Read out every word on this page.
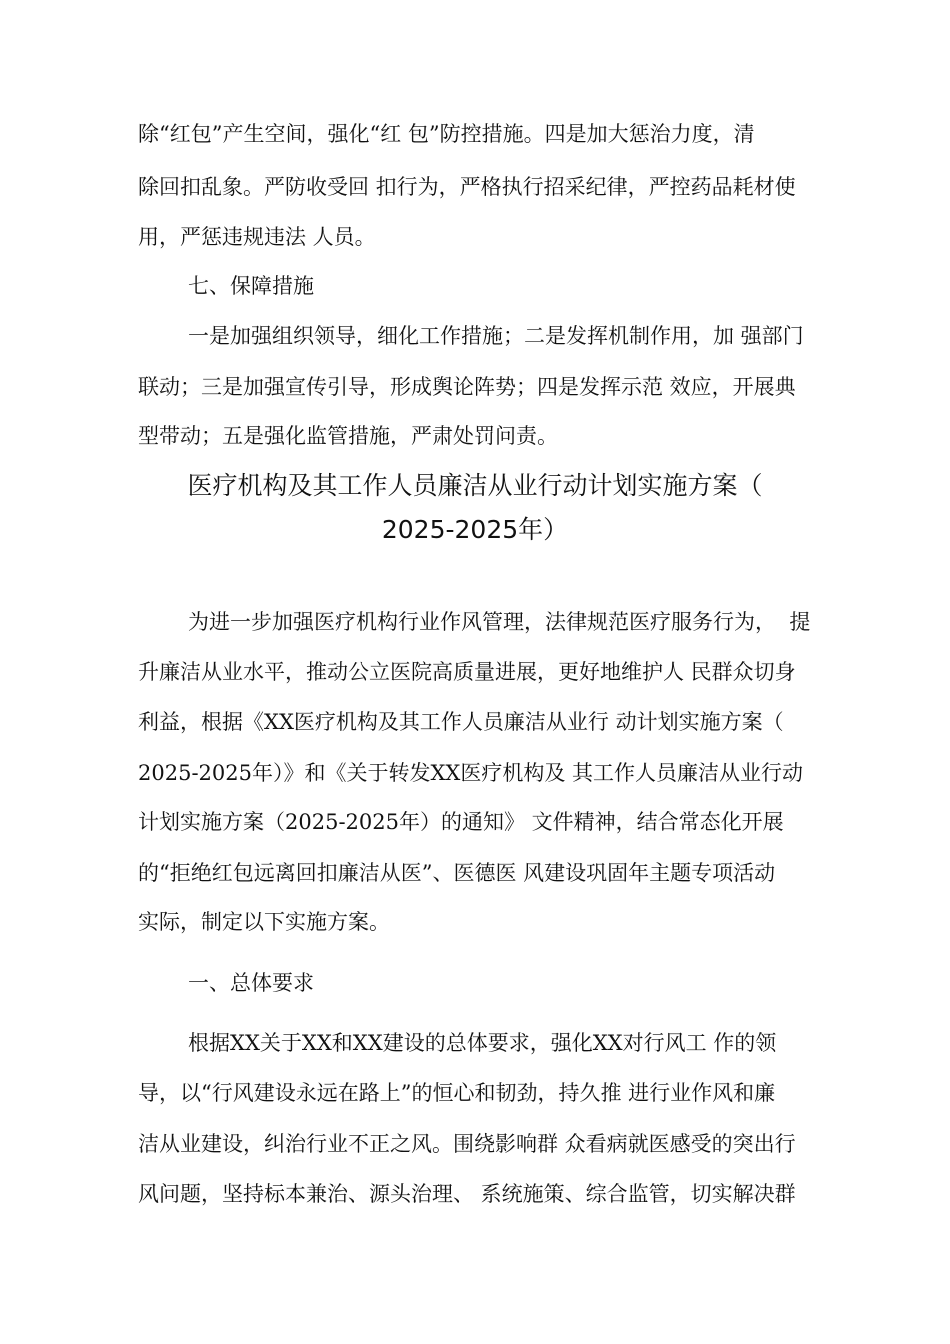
除“红包”产生空间，强化“红 包”防控措施。四是加大惩治力度，清
除回扣乱象。严防收受回 扣行为，严格执行招采纪律，严控药品耗材使
用，严惩违规违法 人员。
七、保障措施
一是加强组织领导，细化工作措施；二是发挥机制作用，加 强部门
联动；三是加强宣传引导，形成舆论阵势；四是发挥示范 效应，开展典
型带动；五是强化监管措施，严肃处罚问责。
医疗机构及其工作人员廉洁从业行动计划实施方案（
2025-2025年）
为进一步加强医疗机构行业作风管理，法律规范医疗服务行为，  提
升廉洁从业水平，推动公立医院高质量进展，更好地维护人 民群众切身
利益，根据《XX医疗机构及其工作人员廉洁从业行 动计划实施方案（
2025-2025年）》和《关于转发XX医疗机构及 其工作人员廉洁从业行动
计划实施方案（2025-2025年）的通知》 文件精神，结合常态化开展
的“拒绝红包远离回扣廉洁从医”、医德医 风建设巩固年主题专项活动
实际，制定以下实施方案。
一、总体要求
根据XX关于XX和XX建设的总体要求，强化XX对行风工 作的领
导，以“行风建设永远在路上”的恒心和韧劲，持久推 进行业作风和廉
洁从业建设，纠治行业不正之风。围绕影响群 众看病就医感受的突出行
风问题，坚持标本兼治、源头治理、 系统施策、综合监管，切实解决群
